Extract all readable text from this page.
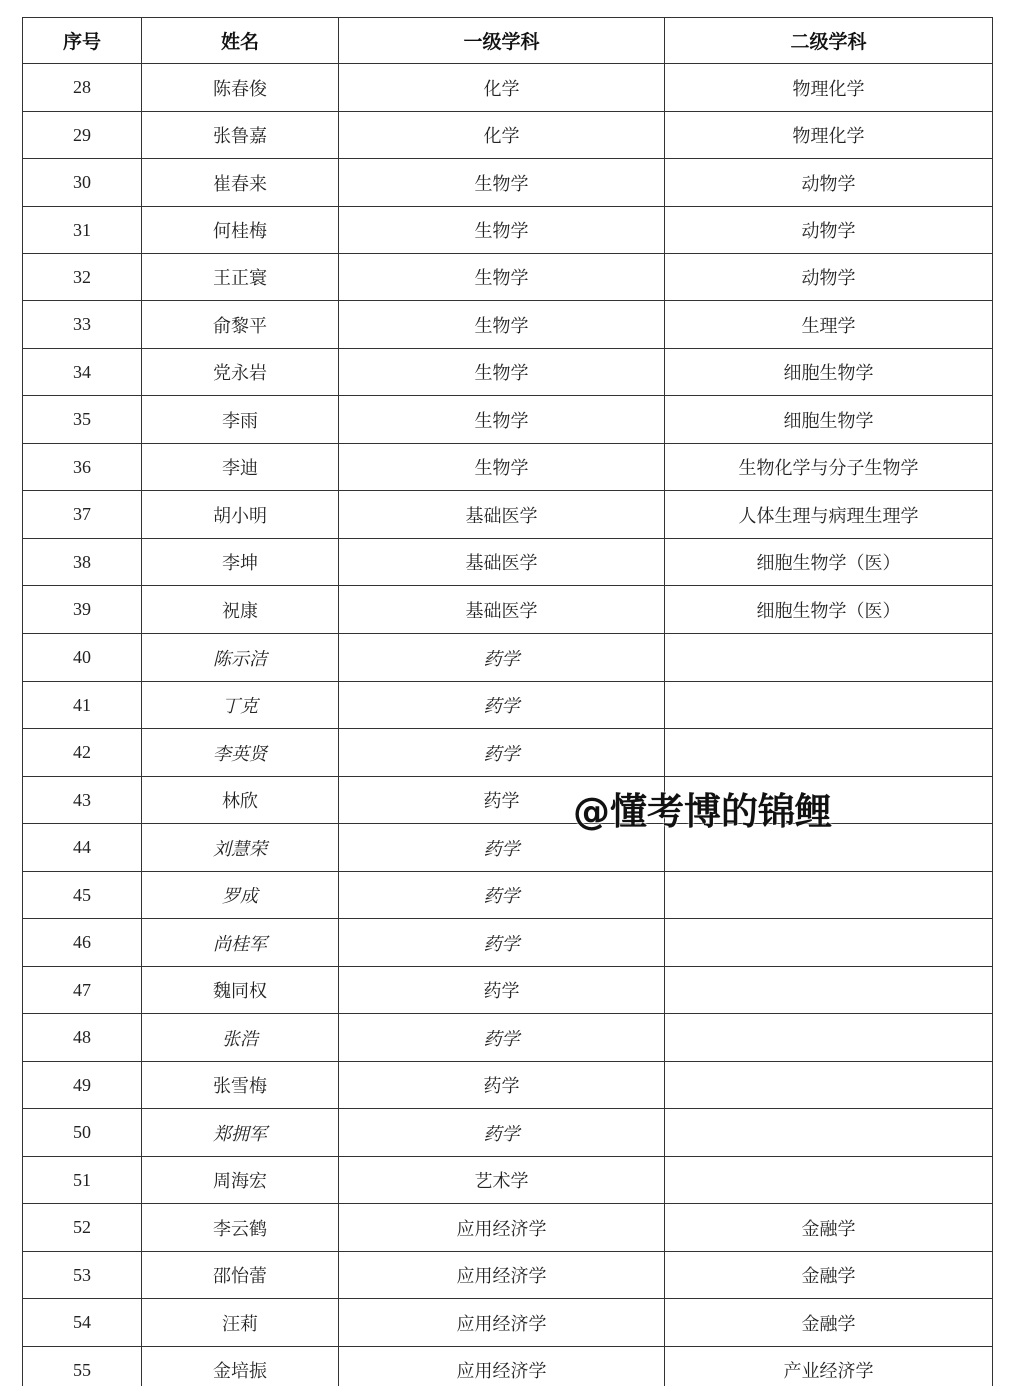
序号	姓名	一级学科	二级学科
28	陈春俊	化学	物理化学
29	张鲁嘉	化学	物理化学
30	崔春来	生物学	动物学
31	何桂梅	生物学	动物学
32	王正寰	生物学	动物学
33	俞黎平	生物学	生理学
34	党永岩	生物学	细胞生物学
35	李雨	生物学	细胞生物学
36	李迪	生物学	生物化学与分子生物学
37	胡小明	基础医学	人体生理与病理生理学
38	李坤	基础医学	细胞生物学（医）
39	祝康	基础医学	细胞生物学（医）
40	陈示洁	药学	
41	丁克	药学	
42	李英贤	药学	
43	林欣	药学	
44	刘慧荣	药学	
45	罗成	药学	
46	尚桂军	药学	
47	魏同权	药学	
48	张浩	药学	
49	张雪梅	药学	
50	郑拥军	药学	
51	周海宏	艺术学	
52	李云鹤	应用经济学	金融学
53	邵怡蕾	应用经济学	金融学
54	汪莉	应用经济学	金融学
55	金培振	应用经济学	产业经济学

@懂考博的锦鲤
